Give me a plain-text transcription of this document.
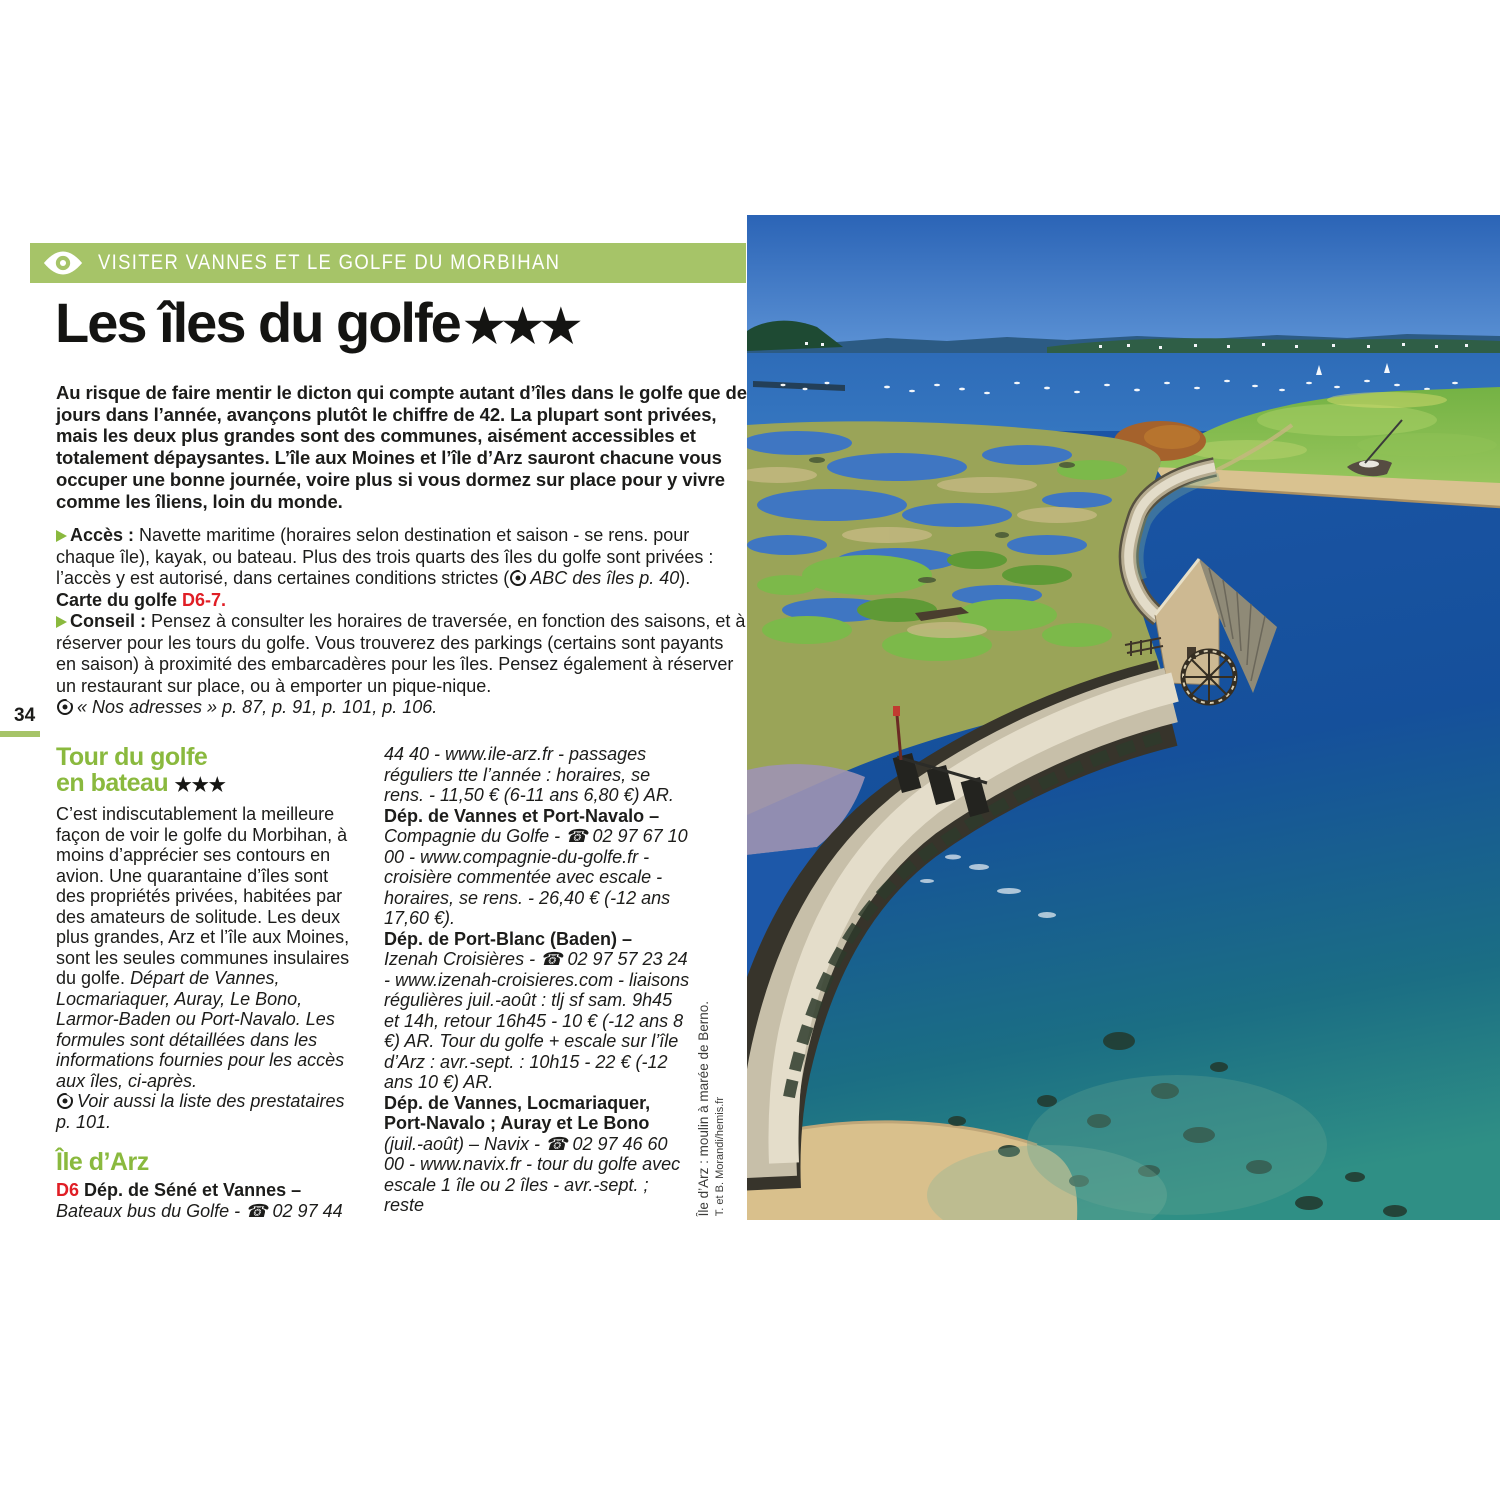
VISITER VANNES ET LE GOLFE DU MORBIHAN
Les îles du golfe★★★

Au risque de faire mentir le dicton qui compte autant d’îles dans le golfe que de jours dans l’année, avançons plutôt le chiffre de 42. La plupart sont privées, mais les deux plus grandes sont des communes, aisément accessibles et totalement dépaysantes. L’île aux Moines et l’île d’Arz sauront chacune vous occuper une bonne journée, voire plus si vous dormez sur place pour y vivre comme les îliens, loin du monde.

Accès : Navette maritime (horaires selon destination et saison - se rens. pour chaque île), kayak, ou bateau. Plus des trois quarts des îles du golfe sont privées : l’accès y est autorisé, dans certaines conditions strictes ( ABC des îles p. 40).

Carte du golfe D6-7.

Conseil : Pensez à consulter les horaires de traversée, en fonction des saisons, et à réserver pour les tours du golfe. Vous trouverez des parkings (certains sont payants en saison) à proximité des embarcadères pour les îles. Pensez également à réserver un restaurant sur place, ou à emporter un pique-nique.

« Nos adresses » p. 87, p. 91, p. 101, p. 106.

34
Tour du golfe
en bateau ★★★

C’est indiscutablement la meilleure façon de voir le golfe du Morbihan, à moins d’apprécier ses contours en avion. Une quarantaine d’îles sont des propriétés privées, habitées par des amateurs de solitude. Les deux plus grandes, Arz et l’île aux Moines, sont les seules communes insulaires du golfe. Départ de Vannes, Locmariaquer, Auray, Le Bono, Larmor-Baden ou Port-Navalo. Les formules sont détaillées dans les informations fournies pour les accès aux îles, ci-après.

Voir aussi la liste des prestataires p. 101.

Île d’Arz

D6 Dép. de Séné et Vannes – Bateaux bus du Golfe - ☎ 02 97 44

44 40 - www.ile-arz.fr - passages réguliers tte l’année : horaires, se rens. - 11,50 € (6-11 ans 6,80 €) AR.

Dép. de Vannes et Port-Navalo – Compagnie du Golfe - ☎ 02 97 67 10 00 - www.compagnie-du-golfe.fr - croisière commentée avec escale - horaires, se rens. - 26,40 € (-12 ans 17,60 €).

Dép. de Port-Blanc (Baden) – Izenah Croisières - ☎ 02 97 57 23 24 - www.izenah-croisieres.com - liaisons régulières juil.-août : tlj sf sam. 9h45 et 14h, retour 16h45 - 10 € (-12 ans 8 €) AR. Tour du golfe + escale sur l’île d’Arz : avr.-sept. : 10h15 - 22 € (-12 ans 10 €) AR.

Dép. de Vannes, Locmariaquer, Port-Navalo ; Auray et Le Bono (juil.-août) – Navix - ☎ 02 97 46 60 00 - www.navix.fr - tour du golfe avec escale 1 île ou 2 îles - avr.-sept. ; reste	Île d’Arz : moulin à marée de Berno. T. et B. Morandi/hemis.fr
